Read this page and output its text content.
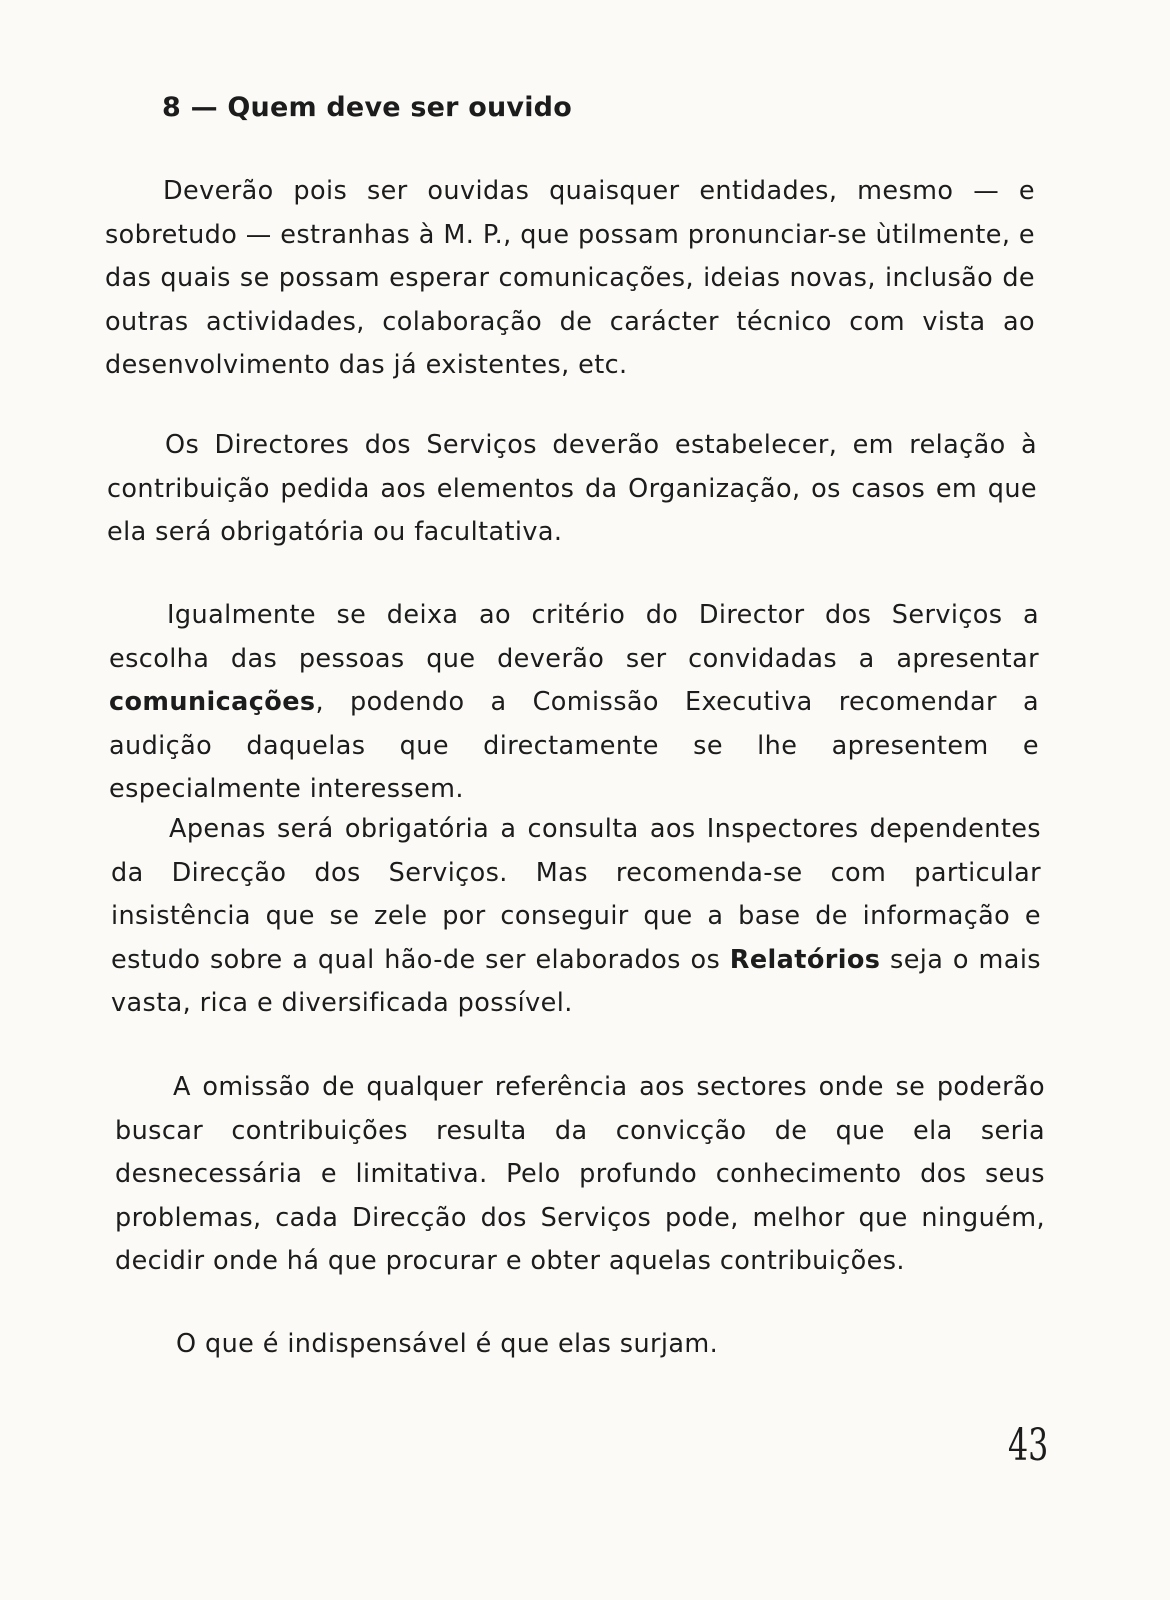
8 — Quem deve ser ouvido

Deverão pois ser ouvidas quaisquer entidades, mesmo — e sobretudo — estranhas à M. P., que possam pronunciar-se ùtilmente, e das quais se possam esperar comunicações, ideias novas, inclusão de outras actividades, colaboração de carácter técnico com vista ao desenvolvimento das já existentes, etc.

Os Directores dos Serviços deverão estabelecer, em relação à contribuição pedida aos elementos da Organização, os casos em que ela será obrigatória ou facultativa.

Igualmente se deixa ao critério do Director dos Serviços a escolha das pessoas que deverão ser convidadas a apresentar comunicações, podendo a Comissão Executiva recomendar a audição daquelas que directamente se lhe apresentem e especialmente interessem.

Apenas será obrigatória a consulta aos Inspectores dependentes da Direcção dos Serviços. Mas recomenda-se com particular insistência que se zele por conseguir que a base de informação e estudo sobre a qual hão-de ser elaborados os Relatórios seja o mais vasta, rica e diversificada possível.

A omissão de qualquer referência aos sectores onde se poderão buscar contribuições resulta da convicção de que ela seria desnecessária e limitativa. Pelo profundo conhecimento dos seus problemas, cada Direcção dos Serviços pode, melhor que ninguém, decidir onde há que procurar e obter aquelas contribuições.

O que é indispensável é que elas surjam.

43
